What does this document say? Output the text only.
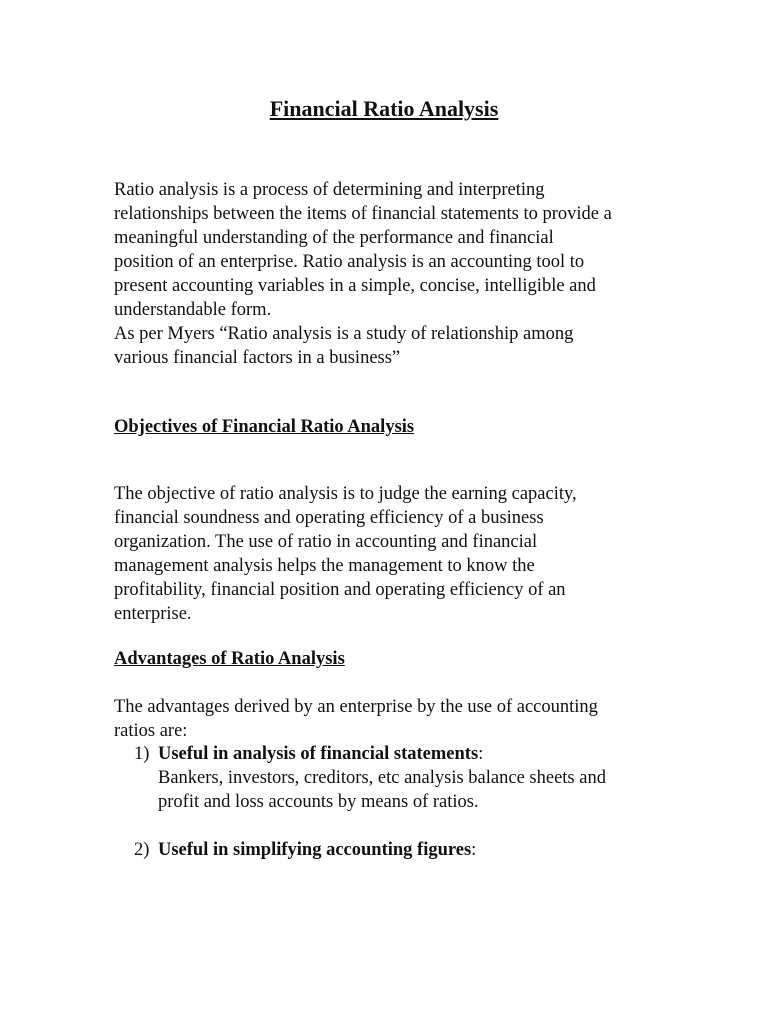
Financial Ratio Analysis

Ratio analysis is a process of determining and interpreting
relationships between the items of financial statements to provide a
meaningful understanding of the performance and financial
position of an enterprise. Ratio analysis is an accounting tool to
present accounting variables in a simple, concise, intelligible and
understandable form.
As per Myers “Ratio analysis is a study of relationship among
various financial factors in a business”

Objectives of Financial Ratio Analysis

The objective of ratio analysis is to judge the earning capacity,
financial soundness and operating efficiency of a business
organization. The use of ratio in accounting and financial
management analysis helps the management to know the
profitability, financial position and operating efficiency of an
enterprise.

Advantages of Ratio Analysis

The advantages derived by an enterprise by the use of accounting
ratios are:

1) Useful in analysis of financial statements:
Bankers, investors, creditors, etc analysis balance sheets and
profit and loss accounts by means of ratios.
2) Useful in simplifying accounting figures:
